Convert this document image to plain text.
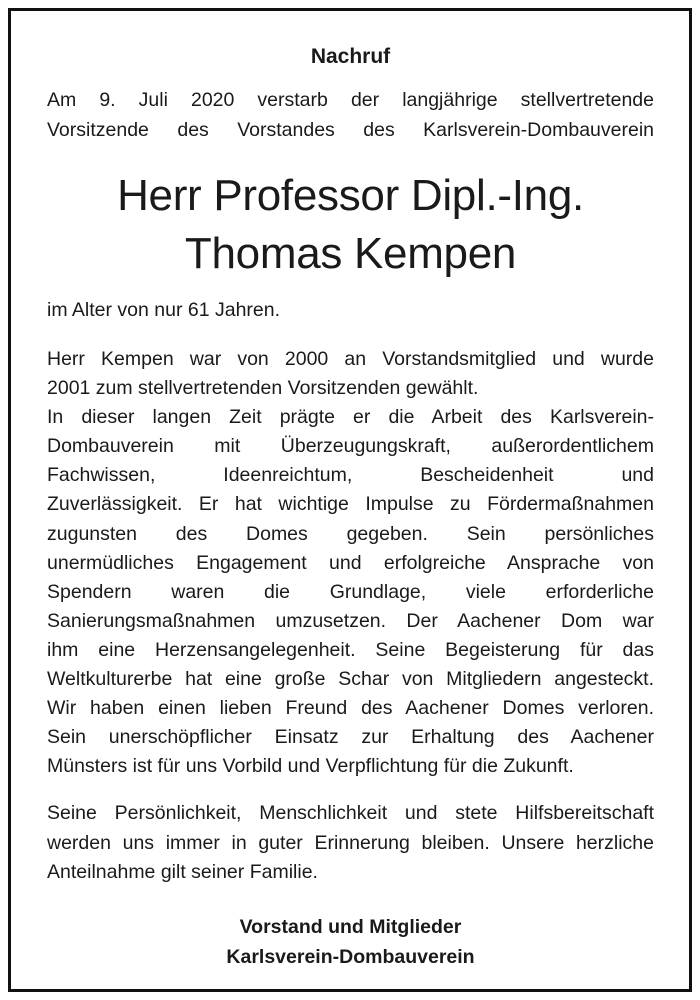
Nachruf

Am 9. Juli 2020 verstarb der langjährige stellvertretende
Vorsitzende des Vorstandes des Karlsverein-Dombauverein

Herr Professor Dipl.-Ing.
Thomas Kempen

im Alter von nur 61 Jahren.

Herr Kempen war von 2000 an Vorstandsmitglied und wurde
2001 zum stellvertretenden Vorsitzenden gewählt.
In dieser langen Zeit prägte er die Arbeit des Karlsverein-
Dombauverein mit Überzeugungskraft, außerordentlichem
Fachwissen, Ideenreichtum, Bescheidenheit und
Zuverlässigkeit. Er hat wichtige Impulse zu Fördermaßnahmen
zugunsten des Domes gegeben. Sein persönliches
unermüdliches Engagement und erfolgreiche Ansprache von
Spendern waren die Grundlage, viele erforderliche
Sanierungsmaßnahmen umzusetzen. Der Aachener Dom war
ihm eine Herzensangelegenheit. Seine Begeisterung für das
Weltkulturerbe hat eine große Schar von Mitgliedern angesteckt.
Wir haben einen lieben Freund des Aachener Domes verloren.
Sein unerschöpflicher Einsatz zur Erhaltung des Aachener
Münsters ist für uns Vorbild und Verpflichtung für die Zukunft.

Seine Persönlichkeit, Menschlichkeit und stete Hilfsbereitschaft
werden uns immer in guter Erinnerung bleiben. Unsere herzliche
Anteilnahme gilt seiner Familie.

Vorstand und Mitglieder
Karlsverein-Dombauverein
